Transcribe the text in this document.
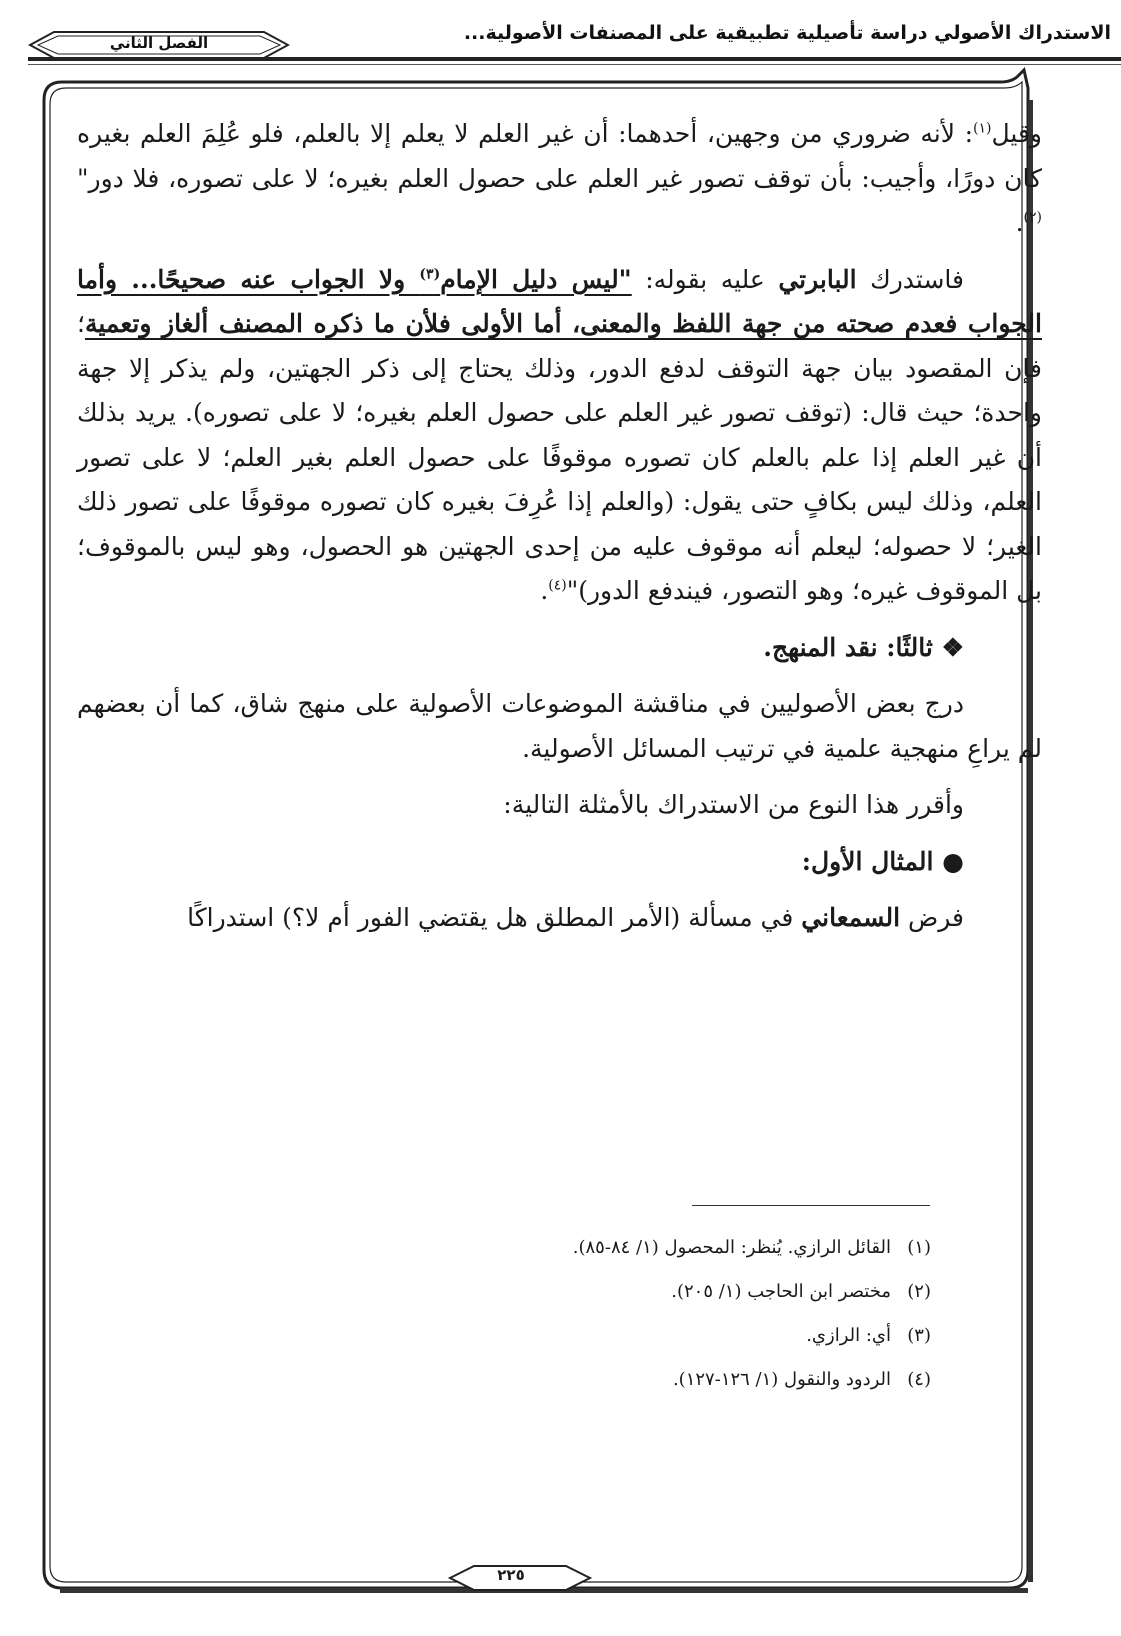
الاستدراك الأصولي دراسة تأصيلية تطبيقية على المصنفات الأصولية...
الفصل الثاني

وقيل$^{(١)}$: لأنه ضروري من وجهين، أحدهما: أن غير العلم لا يعلم إلا بالعلم، فلو عُلِمَ العلم بغيره كان دورًا، وأجيب: بأن توقف تصور غير العلم على حصول العلم بغيره؛ لا على تصوره، فلا دور"$^{(٢)}$.

فاستدرك البابرتي عليه بقوله: "ليس دليل الإمام$^{(٣)}$ ولا الجواب عنه صحيحًا... وأما الجواب فعدم صحته من جهة اللفظ والمعنى، أما الأولى فلأن ما ذكره المصنف ألغاز وتعمية؛ فإن المقصود بيان جهة التوقف لدفع الدور، وذلك يحتاج إلى ذكر الجهتين، ولم يذكر إلا جهة واحدة؛ حيث قال: (توقف تصور غير العلم على حصول العلم بغيره؛ لا على تصوره). يريد بذلك أن غير العلم إذا علم بالعلم كان تصوره موقوفًا على حصول العلم بغير العلم؛ لا على تصور العلم، وذلك ليس بكافٍ حتى يقول: (والعلم إذا عُرِفَ بغيره كان تصوره موقوفًا على تصور ذلك الغير؛ لا حصوله؛ ليعلم أنه موقوف عليه من إحدى الجهتين هو الحصول، وهو ليس بالموقوف؛ بل الموقوف غيره؛ وهو التصور، فيندفع الدور)"$^{(٤)}$.

❖ ثالثًا: نقد المنهج.

درج بعض الأصوليين في مناقشة الموضوعات الأصولية على منهج شاق، كما أن بعضهم لم يراعِ منهجية علمية في ترتيب المسائل الأصولية.

وأقرر هذا النوع من الاستدراك بالأمثلة التالية:

● المثال الأول:

فرض السمعاني في مسألة (الأمر المطلق هل يقتضي الفور أم لا؟) استدراكًا

(١)القائل الرازي. يُنظر: المحصول (١/ ٨٤-٨٥).
(٢)مختصر ابن الحاجب (١/ ٢٠٥).
(٣)أي: الرازي.
(٤)الردود والنقول (١/ ١٢٦-١٢٧).
٢٢٥
